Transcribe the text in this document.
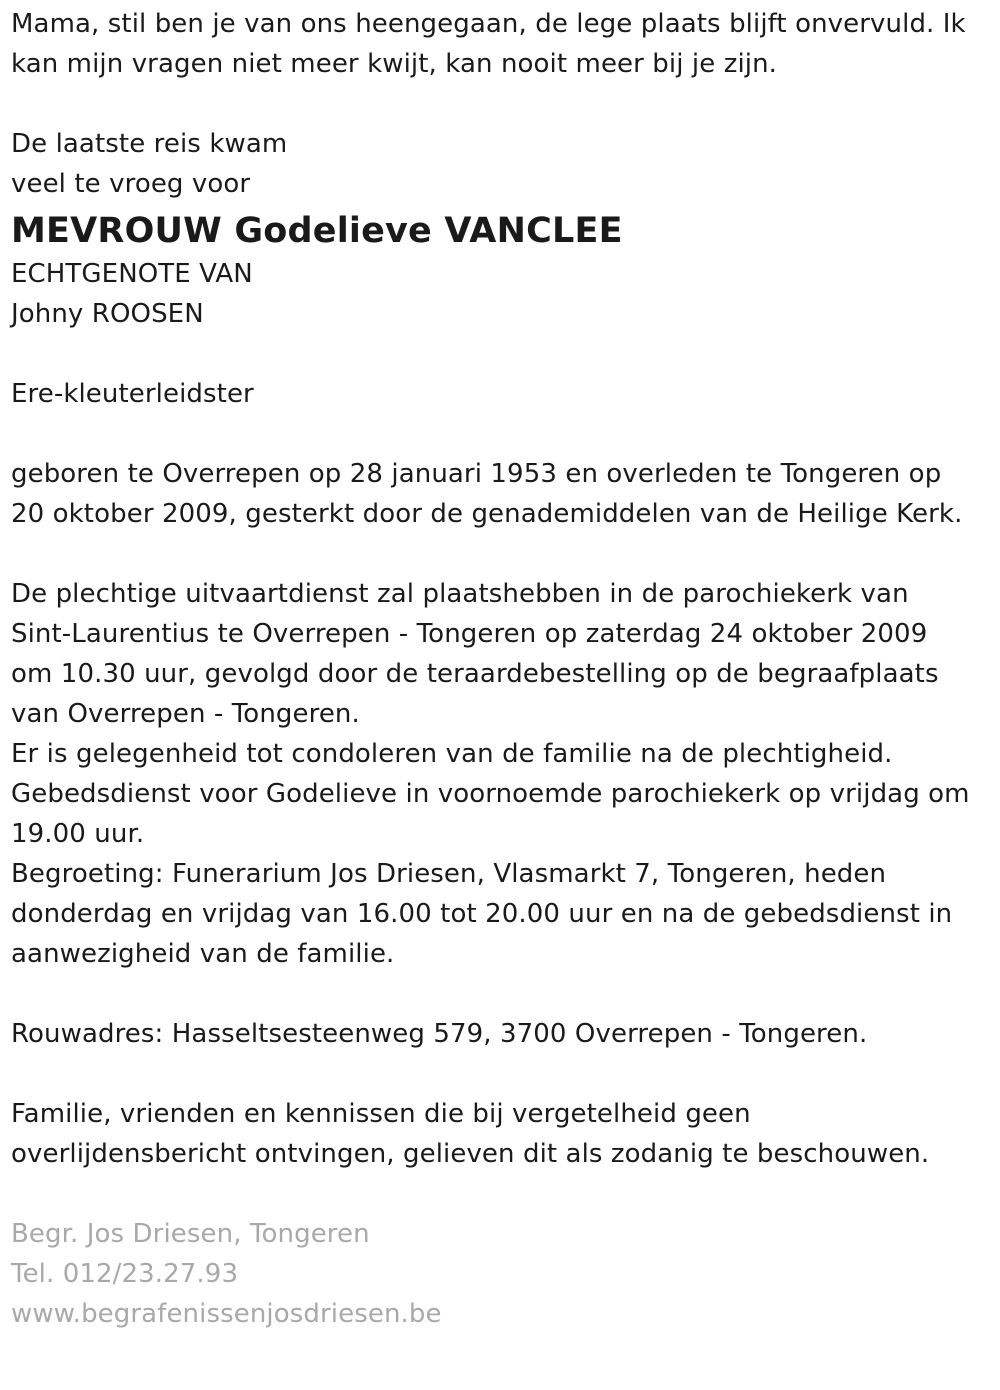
Mama, stil ben je van ons heengegaan, de lege plaats blijft onvervuld. Ik
kan mijn vragen niet meer kwijt, kan nooit meer bij je zijn.
De laatste reis kwam
veel te vroeg voor
MEVROUW Godelieve VANCLEE
ECHTGENOTE VAN
Johny ROOSEN
Ere-kleuterleidster
geboren te Overrepen op 28 januari 1953 en overleden te Tongeren op
20 oktober 2009, gesterkt door de genademiddelen van de Heilige Kerk.
De plechtige uitvaartdienst zal plaatshebben in de parochiekerk van
Sint-Laurentius te Overrepen - Tongeren op zaterdag 24 oktober 2009
om 10.30 uur, gevolgd door de teraardebestelling op de begraafplaats
van Overrepen - Tongeren.
Er is gelegenheid tot condoleren van de familie na de plechtigheid.
Gebedsdienst voor Godelieve in voornoemde parochiekerk op vrijdag om
19.00 uur.
Begroeting: Funerarium Jos Driesen, Vlasmarkt 7, Tongeren, heden
donderdag en vrijdag van 16.00 tot 20.00 uur en na de gebedsdienst in
aanwezigheid van de familie.
Rouwadres: Hasseltsesteenweg 579, 3700 Overrepen - Tongeren.
Familie, vrienden en kennissen die bij vergetelheid geen
overlijdensbericht ontvingen, gelieven dit als zodanig te beschouwen.
Begr. Jos Driesen, Tongeren
Tel. 012/23.27.93
www.begrafenissenjosdriesen.be
